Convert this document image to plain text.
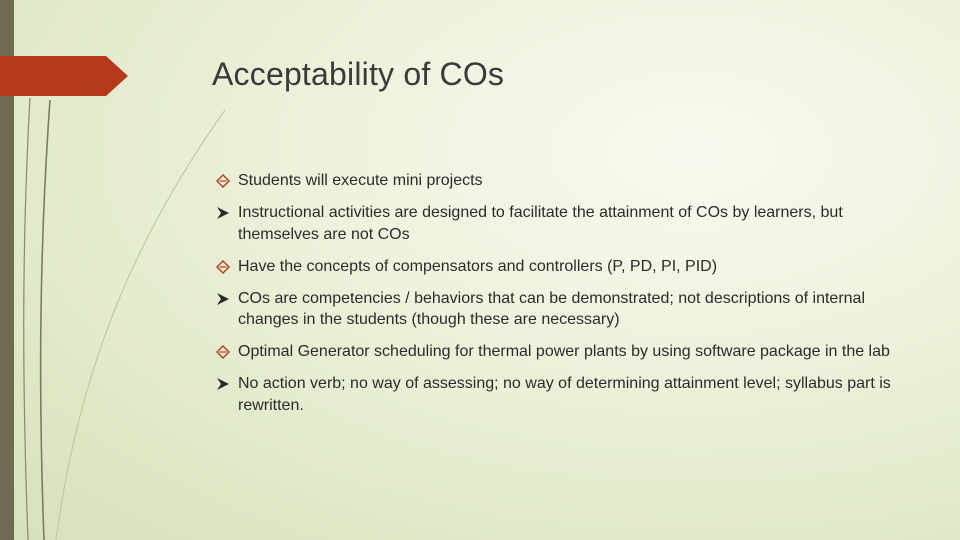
Acceptability of COs
Students will execute mini projects
Instructional activities are designed to facilitate the attainment of COs by learners, but themselves are not COs
Have the concepts of compensators and controllers (P, PD, PI, PID)
COs are competencies / behaviors that can be demonstrated; not descriptions of internal changes in the students (though these are necessary)
Optimal Generator scheduling for thermal power plants by using software package in the lab
No action verb; no way of assessing; no way of determining attainment level; syllabus part is rewritten.
